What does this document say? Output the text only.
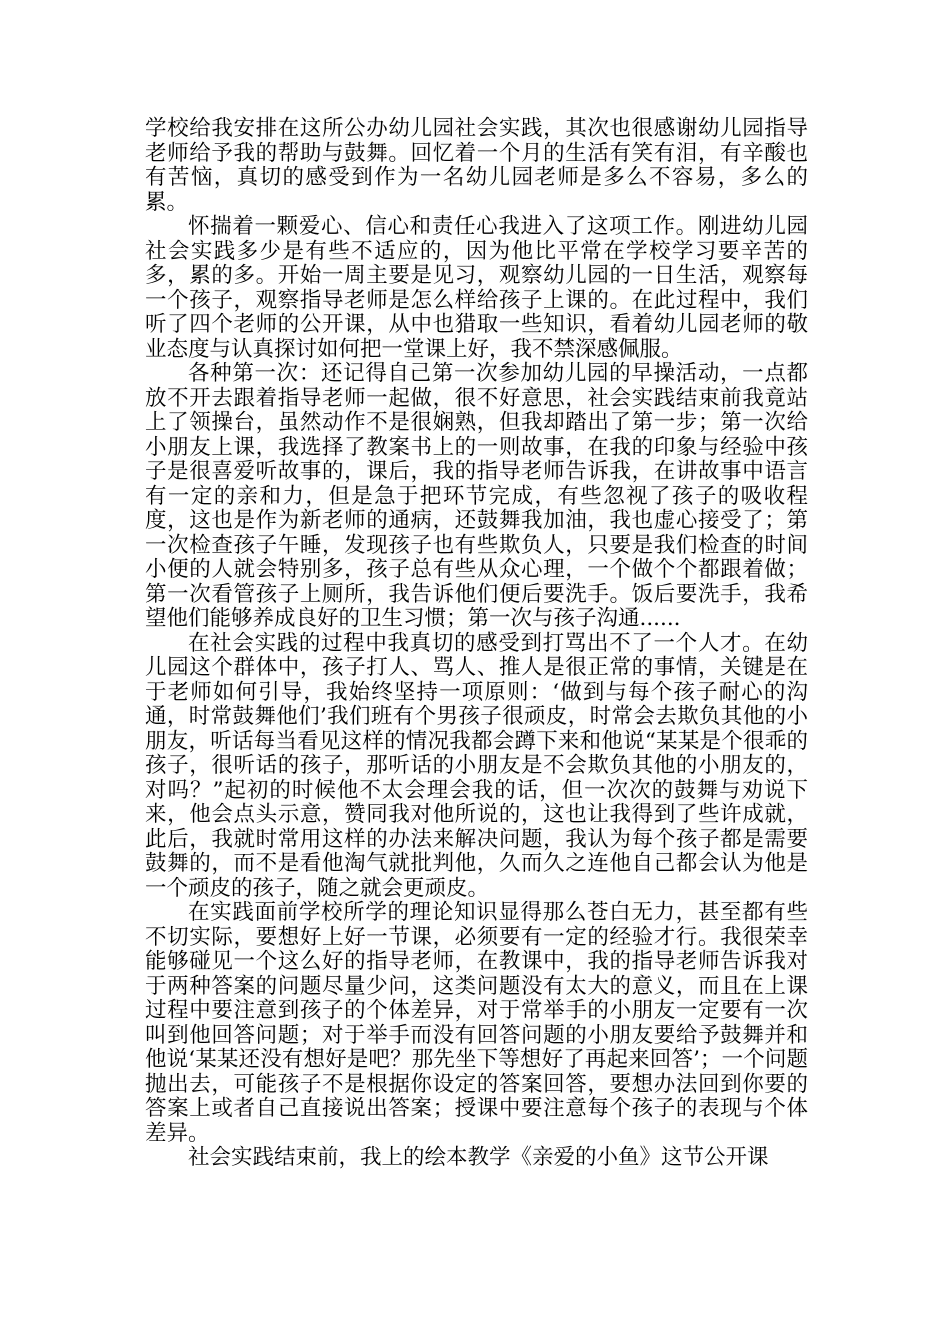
学校给我安排在这所公办幼儿园社会实践，其次也很感谢幼儿园指导老师给予我的帮助与鼓舞。回忆着一个月的生活有笑有泪，有辛酸也有苦恼，真切的感受到作为一名幼儿园老师是多么不容易，多么的累。

怀揣着一颗爱心、信心和责任心我进入了这项工作。刚进幼儿园社会实践多少是有些不适应的，因为他比平常在学校学习要辛苦的多，累的多。开始一周主要是见习，观察幼儿园的一日生活，观察每一个孩子，观察指导老师是怎么样给孩子上课的。在此过程中，我们听了四个老师的公开课，从中也猎取一些知识，看着幼儿园老师的敬业态度与认真探讨如何把一堂课上好，我不禁深感佩服。

各种第一次：还记得自己第一次参加幼儿园的早操活动，一点都放不开去跟着指导老师一起做，很不好意思，社会实践结束前我竟站上了领操台，虽然动作不是很娴熟，但我却踏出了第一步；第一次给小朋友上课，我选择了教案书上的一则故事，在我的印象与经验中孩子是很喜爱听故事的，课后，我的指导老师告诉我，在讲故事中语言有一定的亲和力，但是急于把环节完成，有些忽视了孩子的吸收程度，这也是作为新老师的通病，还鼓舞我加油，我也虚心接受了；第一次检查孩子午睡，发现孩子也有些欺负人，只要是我们检查的时间小便的人就会特别多，孩子总有些从众心理，一个做个个都跟着做；第一次看管孩子上厕所，我告诉他们便后要洗手。饭后要洗手，我希望他们能够养成良好的卫生习惯；第一次与孩子沟通......

在社会实践的过程中我真切的感受到打骂出不了一个人才。在幼儿园这个群体中，孩子打人、骂人、推人是很正常的事情，关键是在于老师如何引导，我始终坚持一项原则：‘做到与每个孩子耐心的沟通，时常鼓舞他们’我们班有个男孩子很顽皮，时常会去欺负其他的小朋友，听话每当看见这样的情况我都会蹲下来和他说“某某是个很乖的孩子，很听话的孩子，那听话的小朋友是不会欺负其他的小朋友的，对吗？”起初的时候他不太会理会我的话，但一次次的鼓舞与劝说下来，他会点头示意，赞同我对他所说的，这也让我得到了些许成就，此后，我就时常用这样的办法来解决问题，我认为每个孩子都是需要鼓舞的，而不是看他淘气就批判他，久而久之连他自己都会认为他是一个顽皮的孩子，随之就会更顽皮。

在实践面前学校所学的理论知识显得那么苍白无力，甚至都有些不切实际，要想好上好一节课，必须要有一定的经验才行。我很荣幸能够碰见一个这么好的指导老师，在教课中，我的指导老师告诉我对于两种答案的问题尽量少问，这类问题没有太大的意义，而且在上课过程中要注意到孩子的个体差异，对于常举手的小朋友一定要有一次叫到他回答问题；对于举手而没有回答问题的小朋友要给予鼓舞并和他说‘某某还没有想好是吧？那先坐下等想好了再起来回答’；一个问题抛出去，可能孩子不是根据你设定的答案回答，要想办法回到你要的答案上或者自己直接说出答案；授课中要注意每个孩子的表现与个体差异。

社会实践结束前，我上的绘本教学《亲爱的小鱼》这节公开课
